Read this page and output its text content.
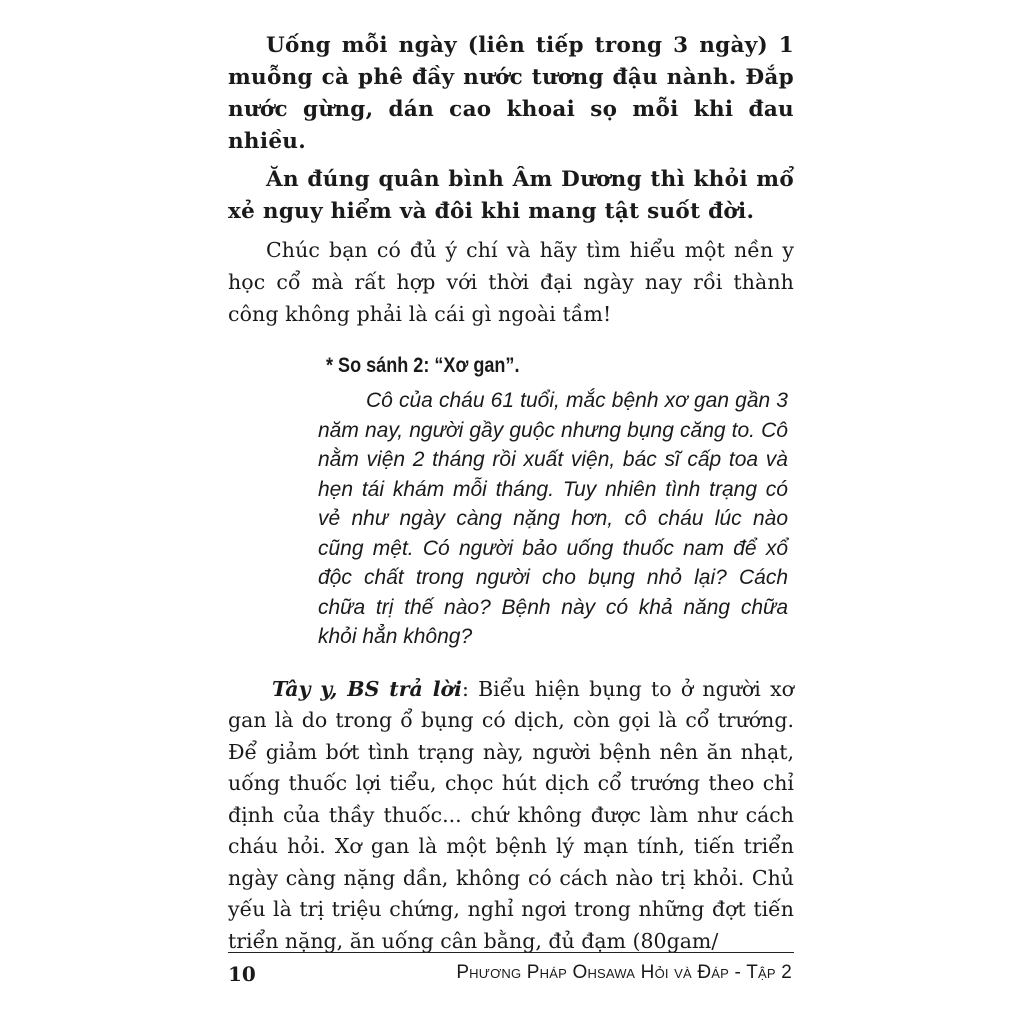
Uống mỗi ngày (liên tiếp trong 3 ngày) 1 muỗng cà phê đầy nước tương đậu nành. Đắp nước gừng, dán cao khoai sọ mỗi khi đau nhiều.

Ăn đúng quân bình Âm Dương thì khỏi mổ xẻ nguy hiểm và đôi khi mang tật suốt đời.

Chúc bạn có đủ ý chí và hãy tìm hiểu một nền y học cổ mà rất hợp với thời đại ngày nay rồi thành công không phải là cái gì ngoài tầm!

* So sánh 2: “Xơ gan”.

Cô của cháu 61 tuổi, mắc bệnh xơ gan gần 3 năm nay, người gầy guộc nhưng bụng căng to. Cô nằm viện 2 tháng rồi xuất viện, bác sĩ cấp toa và hẹn tái khám mỗi tháng. Tuy nhiên tình trạng có vẻ như ngày càng nặng hơn, cô cháu lúc nào cũng mệt. Có người bảo uống thuốc nam để xổ độc chất trong người cho bụng nhỏ lại? Cách chữa trị thế nào? Bệnh này có khả năng chữa khỏi hẳn không?

Tây y, BS trả lời: Biểu hiện bụng to ở người xơ gan là do trong ổ bụng có dịch, còn gọi là cổ trướng. Để giảm bớt tình trạng này, người bệnh nên ăn nhạt, uống thuốc lợi tiểu, chọc hút dịch cổ trướng theo chỉ định của thầy thuốc... chứ không được làm như cách cháu hỏi. Xơ gan là một bệnh lý mạn tính, tiến triển ngày càng nặng dần, không có cách nào trị khỏi. Chủ yếu là trị triệu chứng, nghỉ ngơi trong những đợt tiến triển nặng, ăn uống cân bằng, đủ đạm (80gam/

10	Phương Pháp Ohsawa Hỏi và Đáp - Tập 2
